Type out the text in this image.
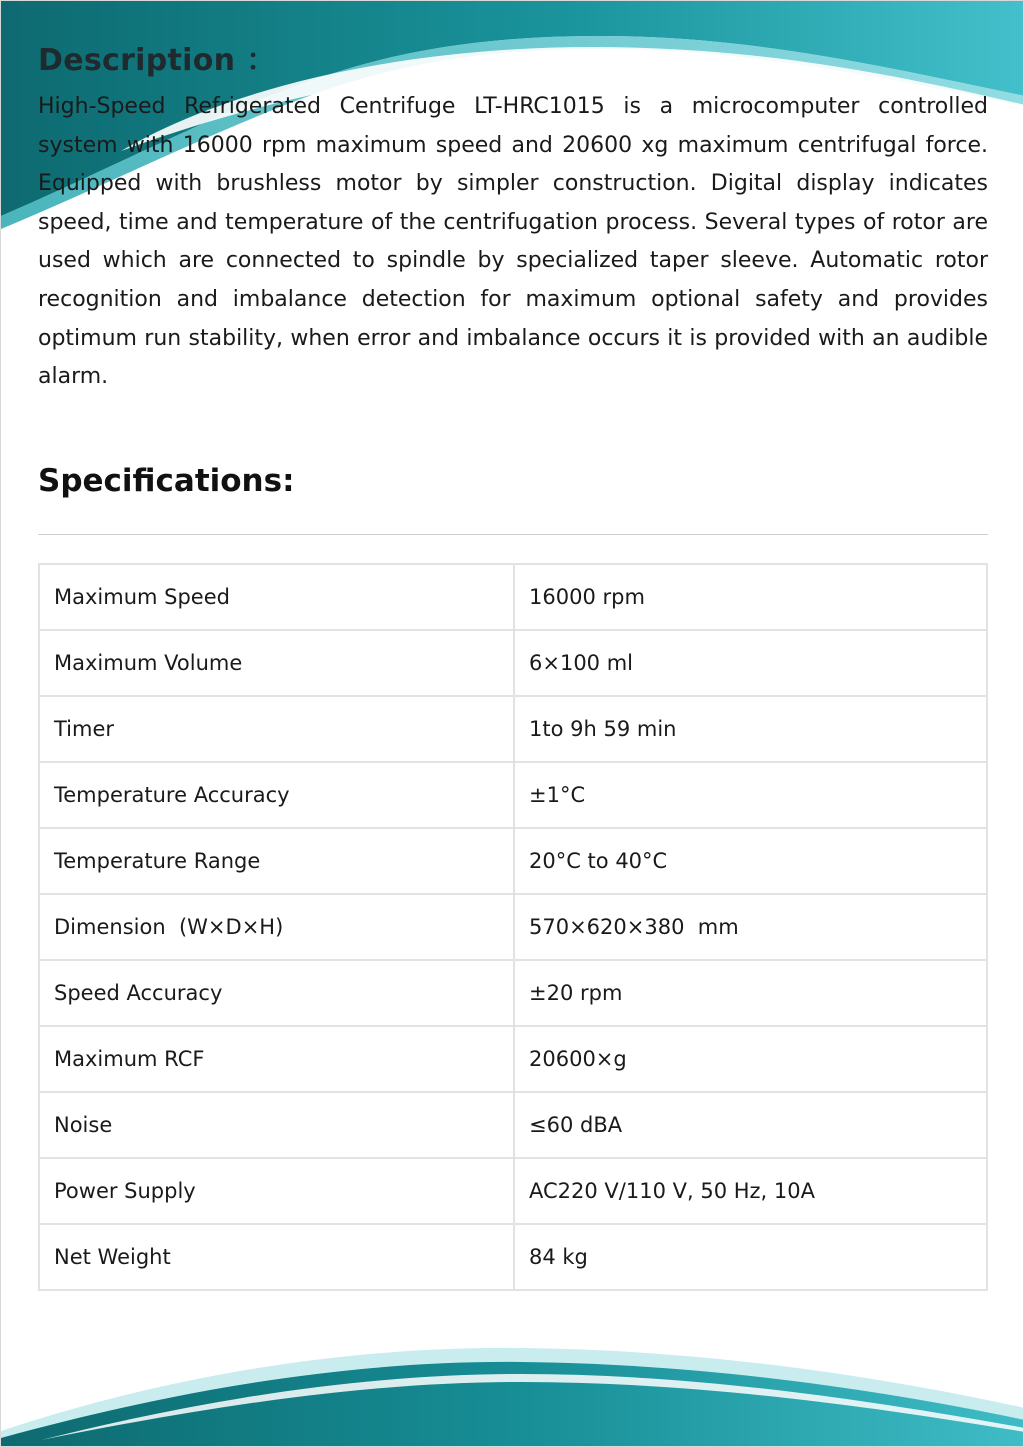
Description ：

High-Speed Refrigerated Centrifuge LT-HRC1015 is a microcomputer controlled system with 16000 rpm maximum speed and 20600 xg maximum centrifugal force. Equipped with brushless motor by simpler construction. Digital display indicates speed, time and temperature of the centrifugation process. Several types of rotor are used which are connected to spindle by specialized taper sleeve. Automatic rotor recognition and imbalance detection for maximum optional safety and provides optimum run stability, when error and imbalance occurs it is provided with an audible alarm.

Specifications:
Maximum Speed	16000 rpm
Maximum Volume	6×100 ml
Timer	1to 9h 59 min
Temperature Accuracy	±1°C
Temperature Range	20°C to 40°C
Dimension  (W×D×H)	570×620×380  mm
Speed Accuracy	±20 rpm
Maximum RCF	20600×g
Noise	≤60 dBA
Power Supply	AC220 V/110 V, 50 Hz, 10A
Net Weight	84 kg
